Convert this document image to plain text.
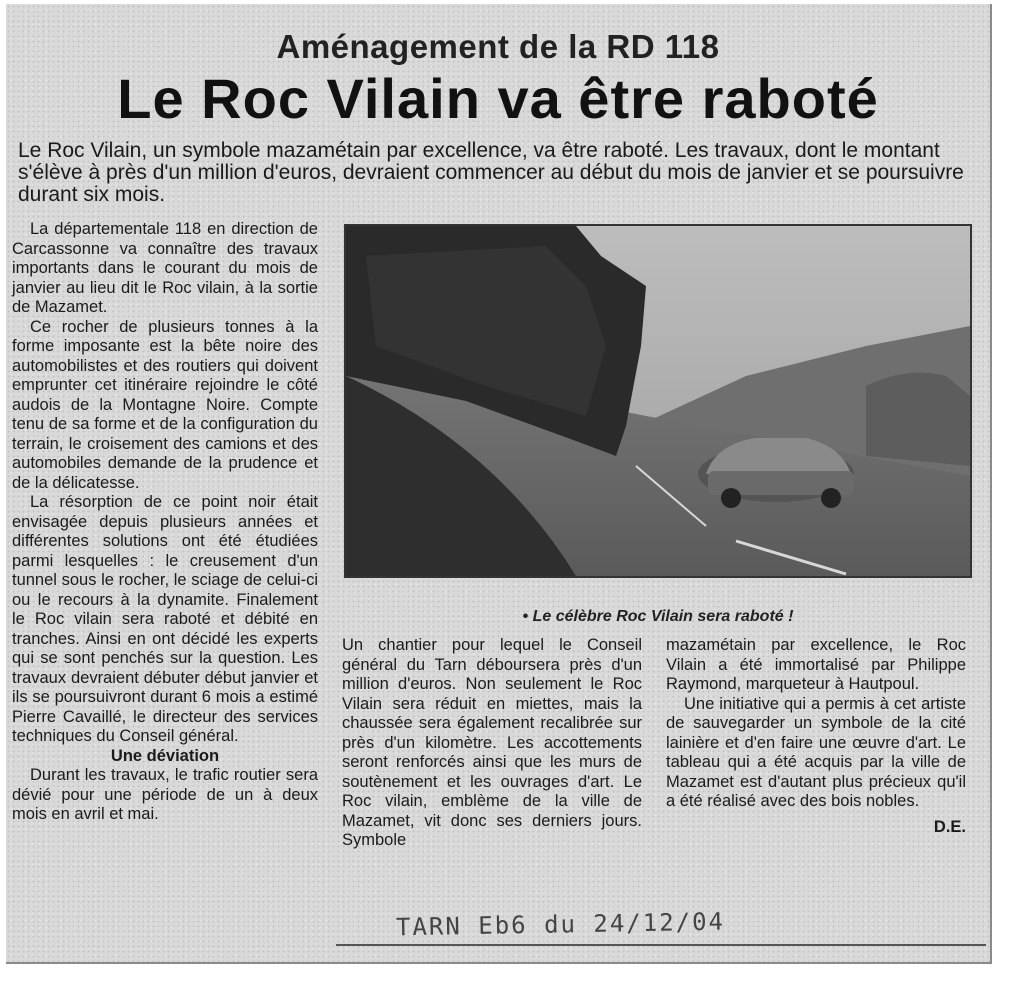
Aménagement de la RD 118
Le Roc Vilain va être raboté
Le Roc Vilain, un symbole mazamétain par excellence, va être raboté. Les travaux, dont le montant s'élève à près d'un million d'euros, devraient commencer au début du mois de janvier et se poursuivre durant six mois.

La départementale 118 en direction de Carcassonne va connaître des travaux importants dans le courant du mois de janvier au lieu dit le Roc vilain, à la sortie de Mazamet.

Ce rocher de plusieurs tonnes à la forme imposante est la bête noire des automobilistes et des routiers qui doivent emprunter cet itinéraire rejoindre le côté audois de la Montagne Noire. Compte tenu de sa forme et de la configuration du terrain, le croisement des camions et des automobiles demande de la prudence et de la délicatesse.

La résorption de ce point noir était envisagée depuis plusieurs années et différentes solutions ont été étudiées parmi lesquelles : le creusement d'un tunnel sous le rocher, le sciage de celui-ci ou le recours à la dynamite. Finalement le Roc vilain sera raboté et débité en tranches. Ainsi en ont décidé les experts qui se sont penchés sur la question. Les travaux devraient débuter début janvier et ils se poursuivront durant 6 mois a estimé Pierre Cavaillé, le directeur des services techniques du Conseil général.

Une déviation

Durant les travaux, le trafic routier sera dévié pour une période de un à deux mois en avril et mai.

• Le célèbre Roc Vilain sera raboté !

Un chantier pour lequel le Conseil général du Tarn déboursera près d'un million d'euros. Non seulement le Roc Vilain sera réduit en miettes, mais la chaussée sera également recalibrée sur près d'un kilomètre. Les accottements seront renforcés ainsi que les murs de soutènement et les ouvrages d'art. Le Roc vilain, emblème de la ville de Mazamet, vit donc ses derniers jours. Symbole

mazamétain par excellence, le Roc Vilain a été immortalisé par Philippe Raymond, marqueteur à Hautpoul.

Une initiative qui a permis à cet artiste de sauvegarder un symbole de la cité lainière et d'en faire une œuvre d'art. Le tableau qui a été acquis par la ville de Mazamet est d'autant plus précieux qu'il a été réalisé avec des bois nobles.

D.E.

TARN Eb6 du 24/12/04
